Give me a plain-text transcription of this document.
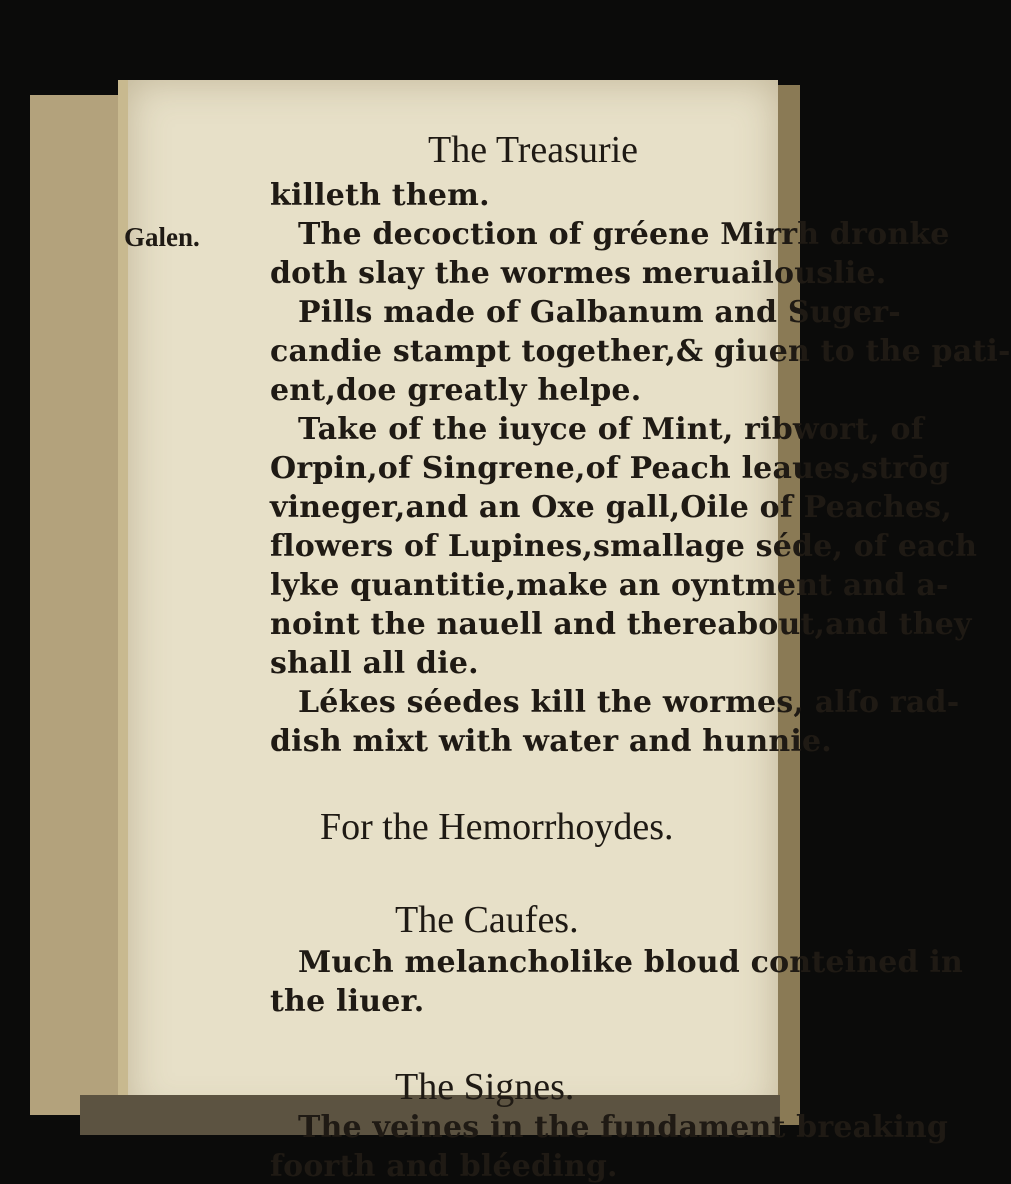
The Treasurie
Galen.
killeth them.
The decoction of gréene Mirrh dronke
doth slay the wormes meruailouslie.
Pills made of Galbanum and Suger-
candie stampt together,& giuen to the pati-
ent,doe greatly helpe.
Take of the iuyce of Mint, ribwort, of
Orpin,of Singrene,of Peach leaues,strōg
vineger,and an Oxe gall,Oile of Peaches,
flowers of Lupines,smallage séde, of each
lyke quantitie,make an oyntment and a-
noint the nauell and thereabout,and they
shall all die.
Lékes séedes kill the wormes, alſo rad-
dish mixt with water and hunnie.
For the Hemorrhoydes.
The Caufes.
Much melancholike bloud conteined in
the liuer.
The Signes.
The veines in the fundament breaking
foorth and bléeding.
